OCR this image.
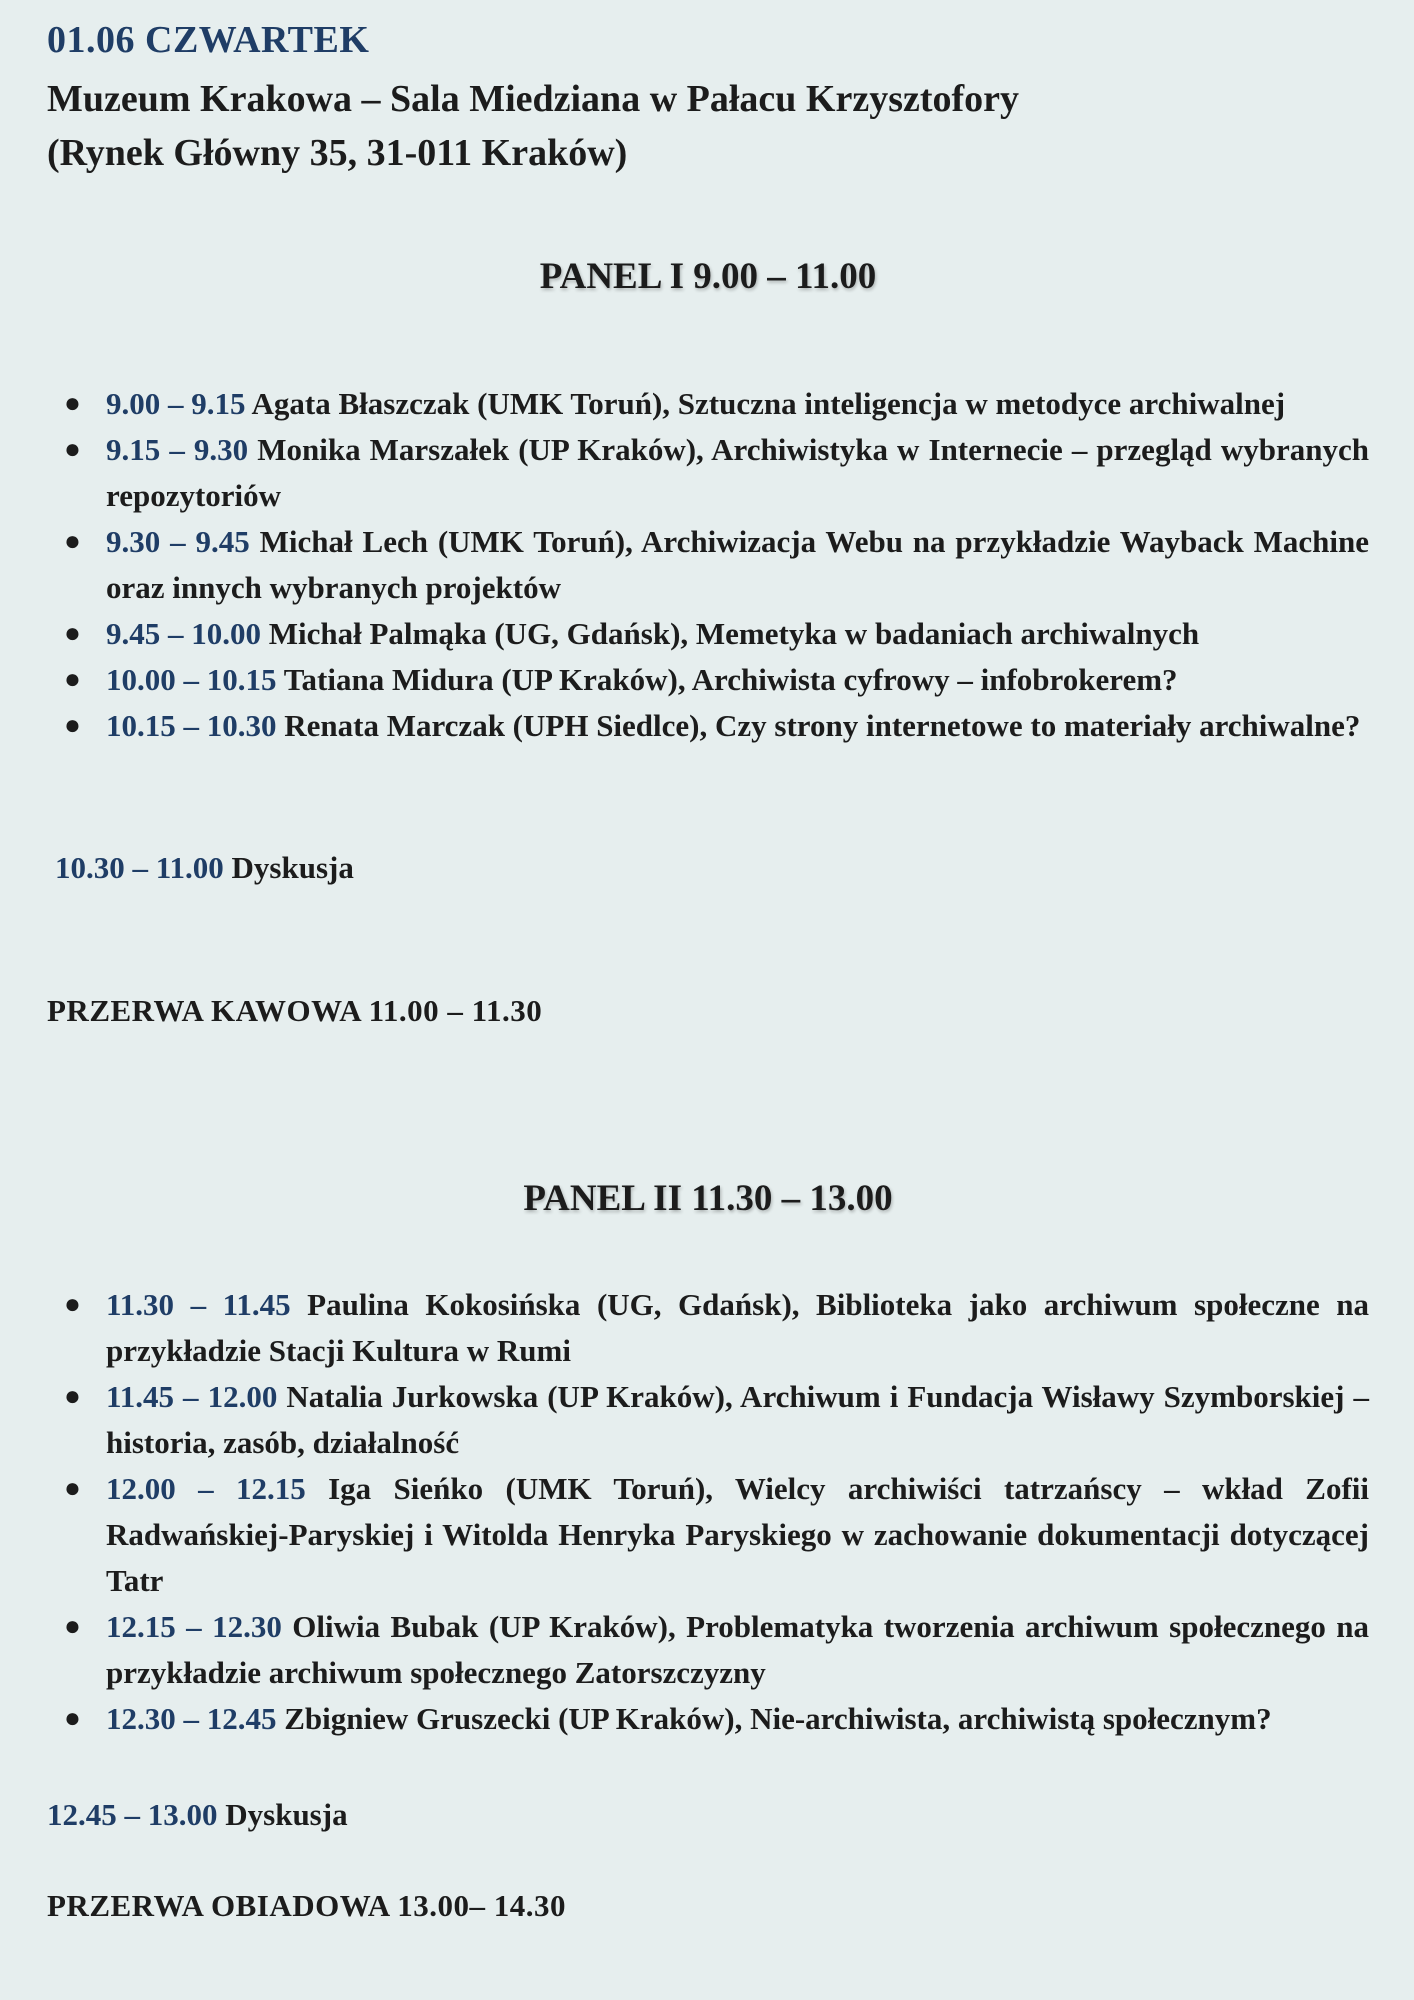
01.06 CZWARTEK
Muzeum Krakowa – Sala Miedziana w Pałacu Krzysztofory
(Rynek Główny 35, 31-011 Kraków)
PANEL I 9.00 – 11.00
● 9.00 – 9.15 Agata Błaszczak (UMK Toruń), Sztuczna inteligencja w metodyce archiwalnej
● 9.15 – 9.30 Monika Marszałek (UP Kraków), Archiwistyka w Internecie – przegląd wybranych repozytoriów
● 9.30 – 9.45 Michał Lech (UMK Toruń), Archiwizacja Webu na przykładzie Wayback Machine oraz innych wybranych projektów
● 9.45 – 10.00 Michał Palmąka (UG, Gdańsk), Memetyka w badaniach archiwalnych
● 10.00 – 10.15 Tatiana Midura (UP Kraków), Archiwista cyfrowy – infobrokerem?
● 10.15 – 10.30 Renata Marczak (UPH Siedlce), Czy strony internetowe to materiały archiwalne?
10.30 – 11.00 Dyskusja
PRZERWA KAWOWA 11.00 – 11.30
PANEL II 11.30 – 13.00
● 11.30 – 11.45 Paulina Kokosińska (UG, Gdańsk), Biblioteka jako archiwum społeczne na przykładzie Stacji Kultura w Rumi
● 11.45 – 12.00 Natalia Jurkowska (UP Kraków), Archiwum i Fundacja Wisławy Szymborskiej – historia, zasób, działalność
● 12.00 – 12.15 Iga Sieńko (UMK Toruń), Wielcy archiwiści tatrzańscy – wkład Zofii Radwańskiej-Paryskiej i Witolda Henryka Paryskiego w zachowanie dokumentacji dotyczącej Tatr
● 12.15 – 12.30 Oliwia Bubak (UP Kraków), Problematyka tworzenia archiwum społecznego na przykładzie archiwum społecznego Zatorszczyzny
● 12.30 – 12.45 Zbigniew Gruszecki (UP Kraków), Nie-archiwista, archiwistą społecznym?
12.45 – 13.00 Dyskusja
PRZERWA OBIADOWA 13.00– 14.30
